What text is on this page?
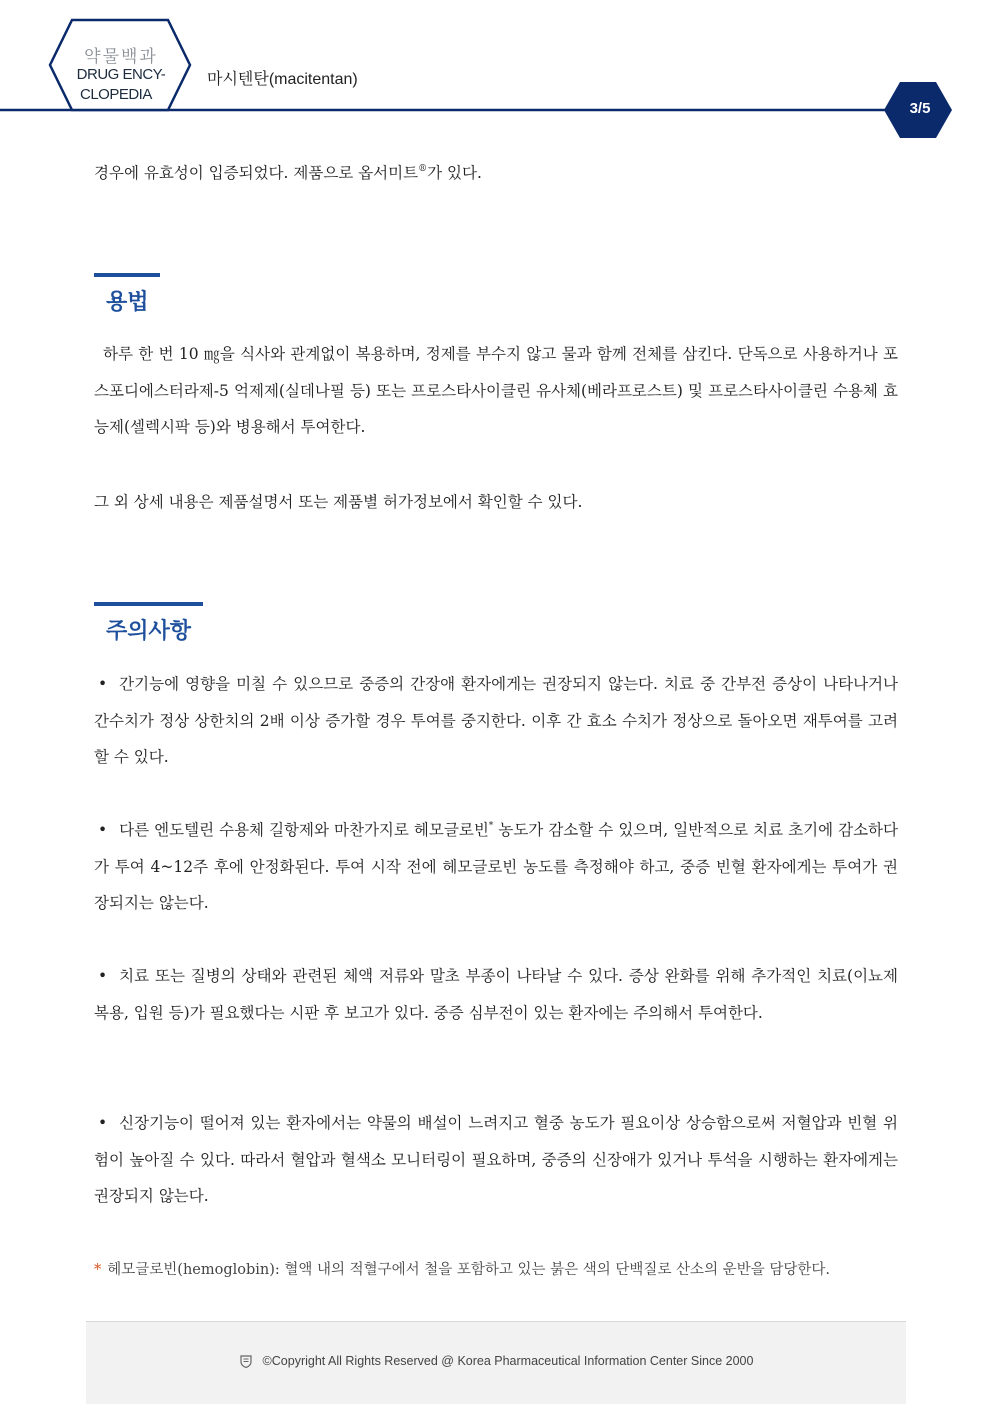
약물백과
DRUG ENCY-
CLOPEDIA
마시텐탄(macitentan)
3/5
경우에 유효성이 입증되었다. 제품으로 옵서미트®가 있다.
용법
하루 한 번 10 ㎎을 식사와 관계없이 복용하며, 정제를 부수지 않고 물과 함께 전체를 삼킨다. 단독으로 사용하거나 포스포디에스터라제-5 억제제(실데나필 등) 또는 프로스타사이클린 유사체(베라프로스트) 및 프로스타사이클린 수용체 효능제(셀렉시팍 등)와 병용해서 투여한다.
그 외 상세 내용은 제품설명서 또는 제품별 허가정보에서 확인할 수 있다.
주의사항
• 간기능에 영향을 미칠 수 있으므로 중증의 간장애 환자에게는 권장되지 않는다. 치료 중 간부전 증상이 나타나거나 간수치가 정상 상한치의 2배 이상 증가할 경우 투여를 중지한다. 이후 간 효소 수치가 정상으로 돌아오면 재투여를 고려할 수 있다.
• 다른 엔도텔린 수용체 길항제와 마찬가지로 헤모글로빈* 농도가 감소할 수 있으며, 일반적으로 치료 초기에 감소하다가 투여 4~12주 후에 안정화된다. 투여 시작 전에 헤모글로빈 농도를 측정해야 하고, 중증 빈혈 환자에게는 투여가 권장되지는 않는다.
• 치료 또는 질병의 상태와 관련된 체액 저류와 말초 부종이 나타날 수 있다. 증상 완화를 위해 추가적인 치료(이뇨제 복용, 입원 등)가 필요했다는 시판 후 보고가 있다. 중증 심부전이 있는 환자에는 주의해서 투여한다.
• 신장기능이 떨어져 있는 환자에서는 약물의 배설이 느려지고 혈중 농도가 필요이상 상승함으로써 저혈압과 빈혈 위험이 높아질 수 있다. 따라서 혈압과 혈색소 모니터링이 필요하며, 중증의 신장애가 있거나 투석을 시행하는 환자에게는 권장되지 않는다.
* 헤모글로빈(hemoglobin): 혈액 내의 적혈구에서 철을 포함하고 있는 붉은 색의 단백질로 산소의 운반을 담당한다.
©Copyright All Rights Reserved @ Korea Pharmaceutical Information Center Since 2000
